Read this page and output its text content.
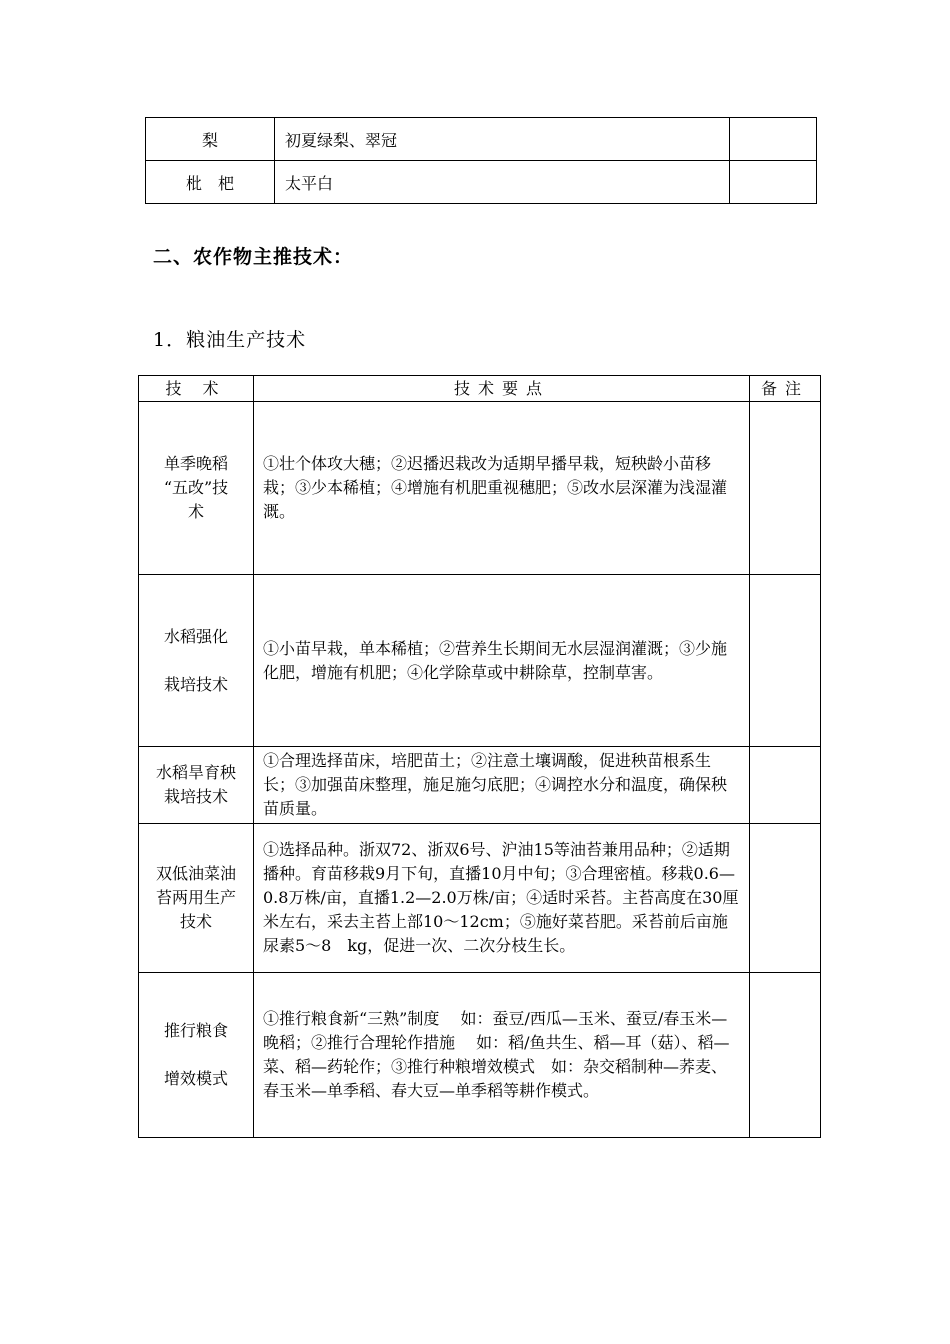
梨	初夏绿梨、翠冠	
枇　杷	太平白	
二、农作物主推技术：
1．粮油生产技术
技 术	技术要点	备注

单季晚稻
“五改”技
术	①壮个体攻大穗；②迟播迟栽改为适期早播早栽，短秧龄小苗移栽；③少本稀植；④增施有机肥重视穗肥；⑤改水层深灌为浅湿灌溉。	

水稻强化
栽培技术	①小苗早栽，单本稀植；②营养生长期间无水层湿润灌溉；③少施化肥，增施有机肥；④化学除草或中耕除草，控制草害。	

水稻旱育秧
栽培技术	①合理选择苗床，培肥苗土；②注意土壤调酸，促进秧苗根系生长；③加强苗床整理，施足施匀底肥；④调控水分和温度，确保秧苗质量。	

双低油菜油
苔两用生产
技术	①选择品种。浙双72、浙双6号、沪油15等油苔兼用品种；②适期播种。育苗移栽9月下旬，直播10月中旬；③合理密植。移栽0.6—0.8万株/亩，直播1.2—2.0万株/亩；④适时采苔。主苔高度在30厘米左右，采去主苔上部10～12cm；⑤施好菜苔肥。采苔前后亩施尿素5～8　kg，促进一次、二次分枝生长。	

推行粮食
增效模式	①推行粮食新“三熟”制度　 如：蚕豆/西瓜—玉米、蚕豆/春玉米—晚稻；②推行合理轮作措施　 如：稻/鱼共生、稻—耳（菇）、稻—菜、稻—药轮作；③推行种粮增效模式　如：杂交稻制种—荞麦、春玉米—单季稻、春大豆—单季稻等耕作模式。	
